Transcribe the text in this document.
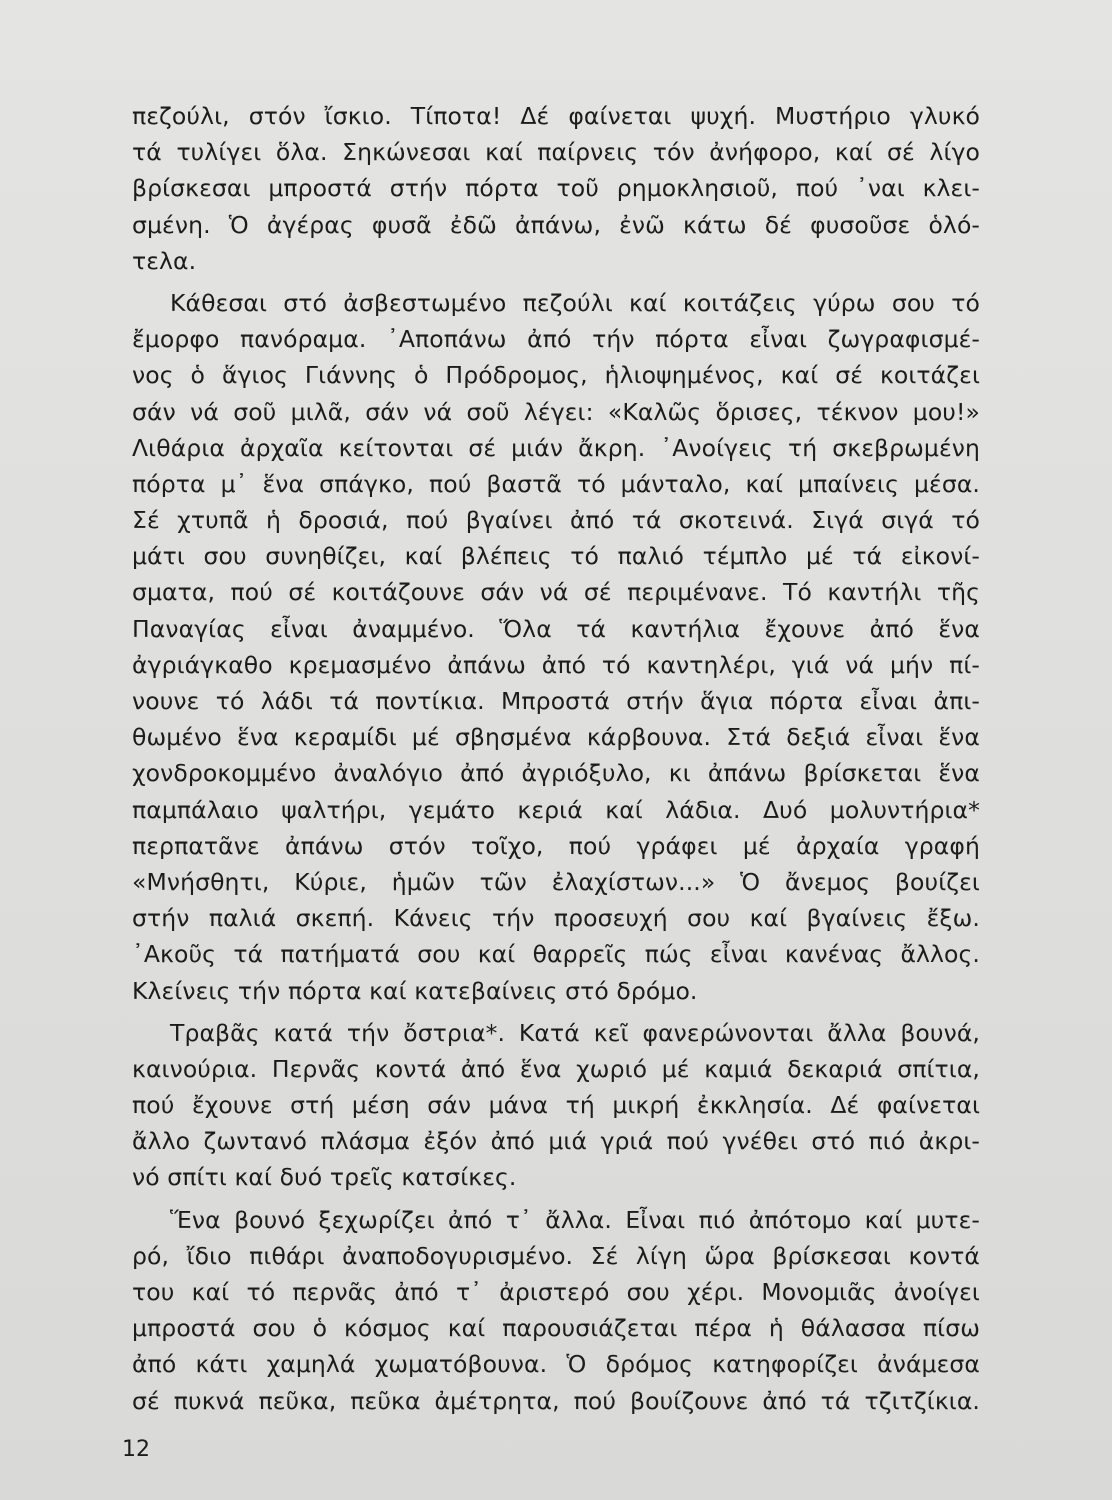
πεζούλι, στόν ἴσκιο. Τίποτα! Δέ φαίνεται ψυχή. Μυστήριο γλυκό
τά τυλίγει ὅλα. Σηκώνεσαι καί παίρνεις τόν ἀνήφορο, καί σέ λίγο
βρίσκεσαι μπροστά στήν πόρτα τοῦ ρημοκλησιοῦ, πού ᾽ναι κλει-
σμένη. Ὁ ἀγέρας φυσᾶ ἐδῶ ἀπάνω, ἐνῶ κάτω δέ φυσοῦσε ὁλό-
τελα.
Κάθεσαι στό ἀσβεστωμένο πεζούλι καί κοιτάζεις γύρω σου τό
ἔμορφο πανόραμα. ᾽Αποπάνω ἀπό τήν πόρτα εἶναι ζωγραφισμέ-
νος ὁ ἅγιος Γιάννης ὁ Πρόδρομος, ἡλιοψημένος, καί σέ κοιτάζει
σάν νά σοῦ μιλᾶ, σάν νά σοῦ λέγει: «Καλῶς ὅρισες, τέκνον μου!»
Λιθάρια ἀρχαῖα κείτονται σέ μιάν ἄκρη. ᾽Ανοίγεις τή σκεβρωμένη
πόρτα μ᾽ ἕνα σπάγκο, πού βαστᾶ τό μάνταλο, καί μπαίνεις μέσα.
Σέ χτυπᾶ ἡ δροσιά, πού βγαίνει ἀπό τά σκοτεινά. Σιγά σιγά τό
μάτι σου συνηθίζει, καί βλέπεις τό παλιό τέμπλο μέ τά εἰκονί-
σματα, πού σέ κοιτάζουνε σάν νά σέ περιμένανε. Τό καντήλι τῆς
Παναγίας εἶναι ἀναμμένο. Ὅλα τά καντήλια ἔχουνε ἀπό ἕνα
ἀγριάγκαθο κρεμασμένο ἀπάνω ἀπό τό καντηλέρι, γιά νά μήν πί-
νουνε τό λάδι τά ποντίκια. Μπροστά στήν ἅγια πόρτα εἶναι ἀπι-
θωμένο ἕνα κεραμίδι μέ σβησμένα κάρβουνα. Στά δεξιά εἶναι ἕνα
χονδροκομμένο ἀναλόγιο ἀπό ἀγριόξυλο, κι ἀπάνω βρίσκεται ἕνα
παμπάλαιο ψαλτήρι, γεμάτο κεριά καί λάδια. Δυό μολυντήρια*
περπατᾶνε ἀπάνω στόν τοῖχο, πού γράφει μέ ἀρχαία γραφή
«Μνήσθητι, Κύριε, ἡμῶν τῶν ἐλαχίστων...» Ὁ ἄνεμος βουίζει
στήν παλιά σκεπή. Κάνεις τήν προσευχή σου καί βγαίνεις ἔξω.
᾽Ακοῦς τά πατήματά σου καί θαρρεῖς πώς εἶναι κανένας ἄλλος.
Κλείνεις τήν πόρτα καί κατεβαίνεις στό δρόμο.
Τραβᾶς κατά τήν ὄστρια*. Κατά κεῖ φανερώνονται ἄλλα βουνά,
καινούρια. Περνᾶς κοντά ἀπό ἕνα χωριό μέ καμιά δεκαριά σπίτια,
πού ἔχουνε στή μέση σάν μάνα τή μικρή ἐκκλησία. Δέ φαίνεται
ἄλλο ζωντανό πλάσμα ἐξόν ἀπό μιά γριά πού γνέθει στό πιό ἀκρι-
νό σπίτι καί δυό τρεῖς κατσίκες.
Ἕνα βουνό ξεχωρίζει ἀπό τ᾽ ἄλλα. Εἶναι πιό ἀπότομο καί μυτε-
ρό, ἴδιο πιθάρι ἀναποδογυρισμένο. Σέ λίγη ὥρα βρίσκεσαι κοντά
του καί τό περνᾶς ἀπό τ᾽ ἀριστερό σου χέρι. Μονομιᾶς ἀνοίγει
μπροστά σου ὁ κόσμος καί παρουσιάζεται πέρα ἡ θάλασσα πίσω
ἀπό κάτι χαμηλά χωματόβουνα. Ὁ δρόμος κατηφορίζει ἀνάμεσα
σέ πυκνά πεῦκα, πεῦκα ἀμέτρητα, πού βουίζουνε ἀπό τά τζιτζίκια.
12
